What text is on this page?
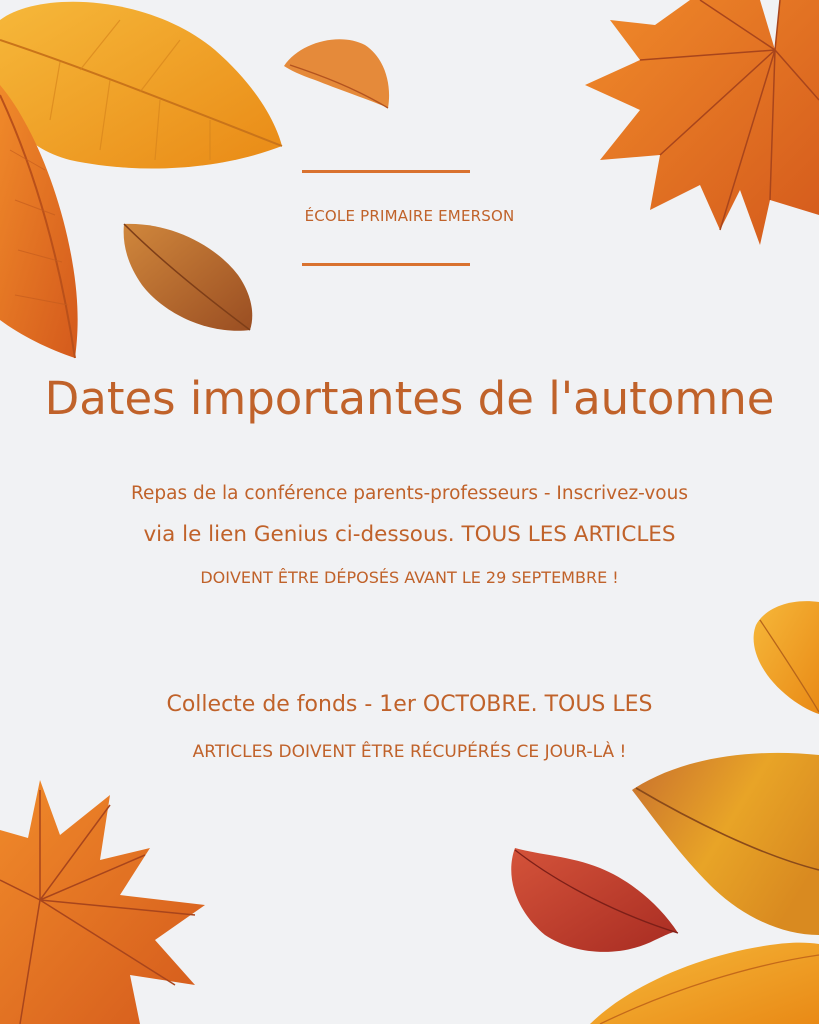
ÉCOLE PRIMAIRE EMERSON
Dates importantes de l'automne
Repas de la conférence parents-professeurs - Inscrivez-vous
via le lien Genius ci-dessous. TOUS LES ARTICLES
DOIVENT ÊTRE DÉPOSÉS AVANT LE 29 SEPTEMBRE !
Collecte de fonds - 1er OCTOBRE. TOUS LES
ARTICLES DOIVENT ÊTRE RÉCUPÉRÉS CE JOUR-LÀ !
